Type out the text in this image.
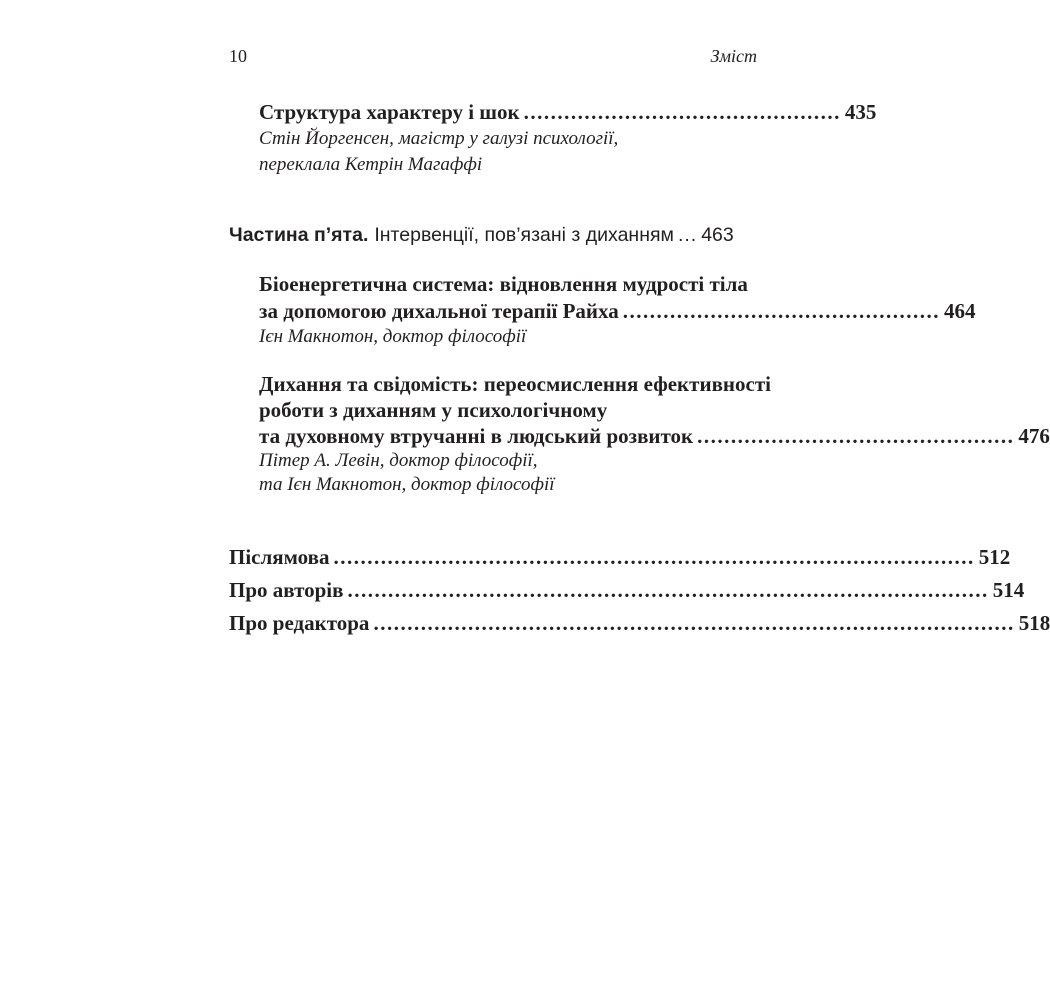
10	Зміст
Структура характеру і шок ............................................... 435
Стін Йоргенсен, магістр у галузі психології,
переклала Кетрін Магаффі
Частина п’ята. Інтервенції, пов’язані з диханням ... 463
Біоенергетична система: відновлення мудрості тіла
за допомогою дихальної терапії Райха ............................................... 464
Ієн Макнотон, доктор філософії
Дихання та свідомість: переосмислення ефективності
роботи з диханням у психологічному
та духовному втручанні в людський розвиток ............................................... 476
Пітер А. Левін, доктор філософії,
та Ієн Макнотон, доктор філософії
Післямова ............................................................................................... 512
Про авторів ............................................................................................... 514
Про редактора ............................................................................................... 518
